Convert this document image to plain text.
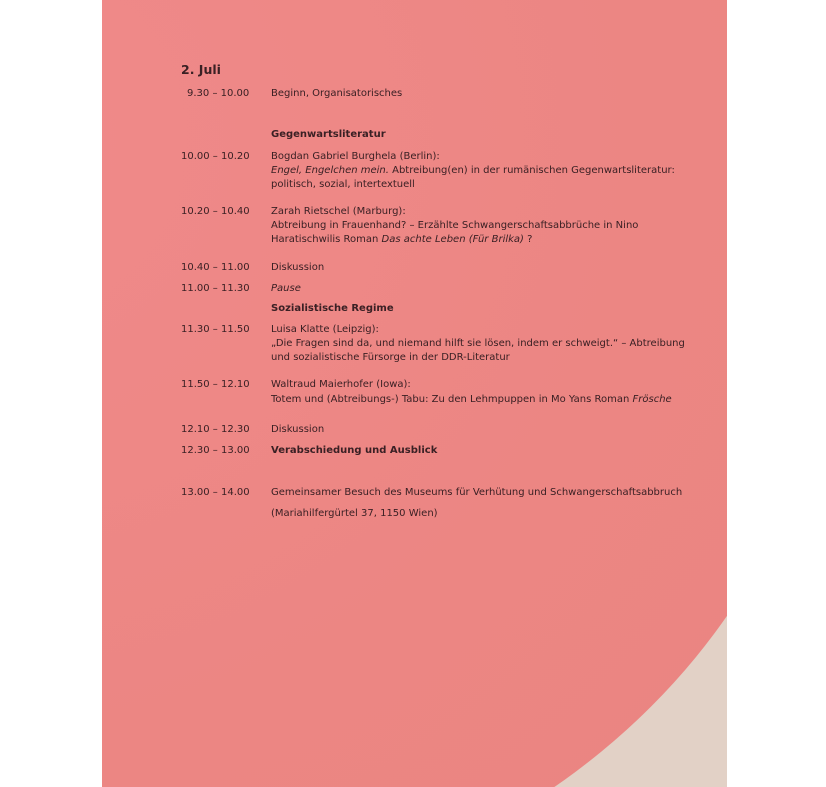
2. Juli
9.30 – 10.00 Beginn, Organisatorisches
Gegenwartsliteratur
10.00 – 10.20 Bogdan Gabriel Burghela (Berlin):
Engel, Engelchen mein. Abtreibung(en) in der rumänischen Gegenwartsliteratur:
politisch, sozial, intertextuell
10.20 – 10.40 Zarah Rietschel (Marburg):
Abtreibung in Frauenhand? – Erzählte Schwangerschaftsabbrüche in Nino
Haratischwilis Roman Das achte Leben (Für Brilka) ?
10.40 – 11.00 Diskussion
11.00 – 11.30 Pause
Sozialistische Regime
11.30 – 11.50 Luisa Klatte (Leipzig):
„Die Fragen sind da, und niemand hilft sie lösen, indem er schweigt.“ – Abtreibung
und sozialistische Fürsorge in der DDR-Literatur
11.50 – 12.10 Waltraud Maierhofer (Iowa):
Totem und (Abtreibungs-) Tabu: Zu den Lehmpuppen in Mo Yans Roman Frösche
12.10 – 12.30 Diskussion
12.30 – 13.00 Verabschiedung und Ausblick
13.00 – 14.00 Gemeinsamer Besuch des Museums für Verhütung und Schwangerschaftsabbruch
(Mariahilfergürtel 37, 1150 Wien)
